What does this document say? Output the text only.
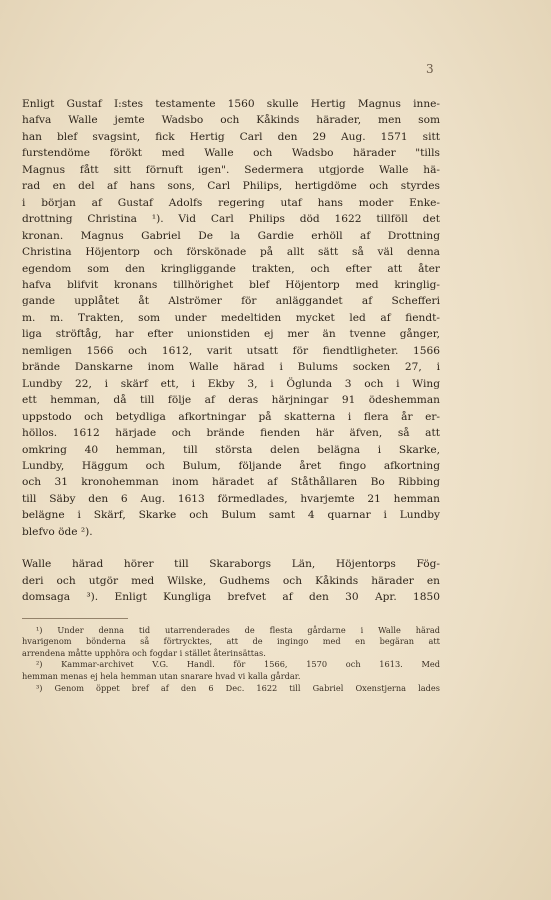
3
Enligt Gustaf I:stes testamente 1560 skulle Hertig Magnus inne-
hafva Walle jemte Wadsbo och Kåkinds härader, men som
han blef svagsint, fick Hertig Carl den 29 Aug. 1571 sitt
furstendöme förökt med Walle och Wadsbo härader "tills
Magnus fått sitt förnuft igen". Sedermera utgjorde Walle hä-
rad en del af hans sons, Carl Philips, hertigdöme och styrdes
i början af Gustaf Adolfs regering utaf hans moder Enke-
drottning Christina ¹). Vid Carl Philips död 1622 tillföll det
kronan. Magnus Gabriel De la Gardie erhöll af Drottning
Christina Höjentorp och förskönade på allt sätt så väl denna
egendom som den kringliggande trakten, och efter att åter
hafva blifvit kronans tillhörighet blef Höjentorp med kringlig-
gande upplåtet åt Alströmer för anläggandet af Schefferi
m. m. Trakten, som under medeltiden mycket led af fiendt-
liga ströftåg, har efter unionstiden ej mer än tvenne gånger,
nemligen 1566 och 1612, varit utsatt för fiendtligheter. 1566
brände Danskarne inom Walle härad i Bulums socken 27, i
Lundby 22, i skärf ett, i Ekby 3, i Öglunda 3 och i Wing
ett hemman, då till följe af deras härjningar 91 ödeshemman
uppstodo och betydliga afkortningar på skatterna i flera år er-
höllos. 1612 härjade och brände fienden här äfven, så att
omkring 40 hemman, till största delen belägna i Skarke,
Lundby, Häggum och Bulum, följande året fingo afkortning
och 31 kronohemman inom häradet af Ståthållaren Bo Ribbing
till Säby den 6 Aug. 1613 förmedlades, hvarjemte 21 hemman
belägne i Skärf, Skarke och Bulum samt 4 quarnar i Lundby
blefvo öde ²).
Walle härad hörer till Skaraborgs Län, Höjentorps Fög-
deri och utgör med Wilske, Gudhems och Kåkinds härader en
domsaga ³). Enligt Kungliga brefvet af den 30 Apr. 1850
¹) Under denna tid utarrenderades de flesta gårdarne i Walle härad
hvarigenom bönderna så förtrycktes, att de ingingo med en begäran att
arrendena måtte upphöra och fogdar i stället återinsättas.
²) Kammar-archivet V.G. Handl. för 1566, 1570 och 1613. Med
hemman menas ej hela hemman utan snarare hvad vi kalla gårdar.
³) Genom öppet bref af den 6 Dec. 1622 till Gabriel Oxenstjerna lades
